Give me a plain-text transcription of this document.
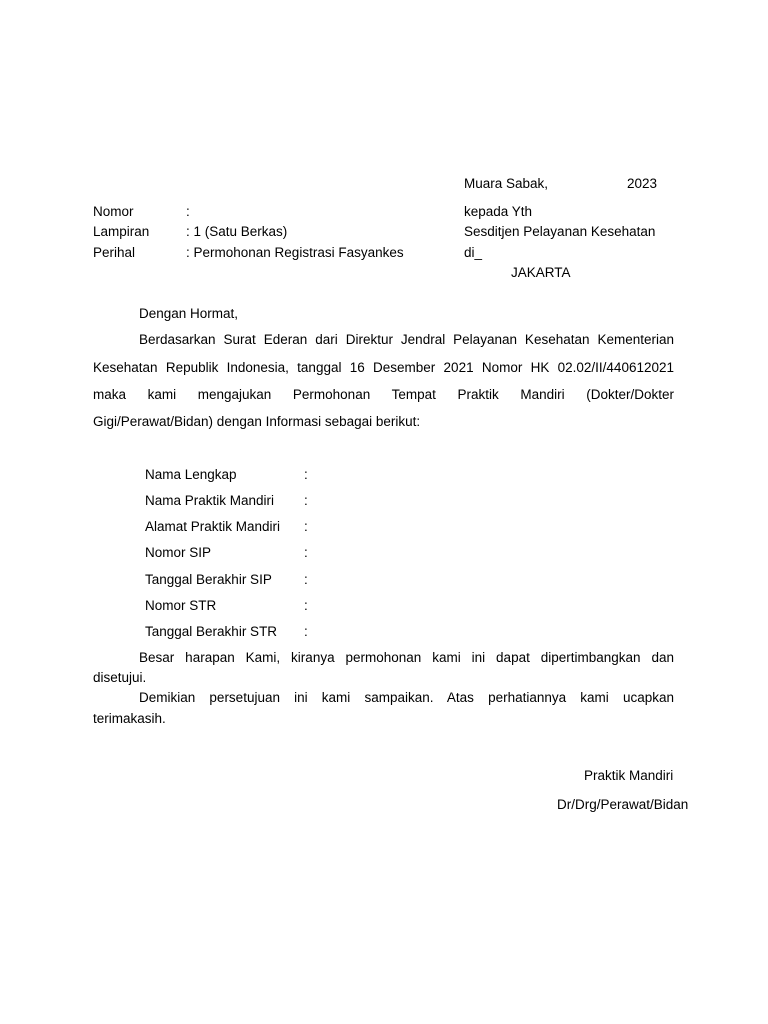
Muara Sabak,	2023
Nomor	:
Lampiran	: 1 (Satu Berkas)
Perihal	: Permohonan Registrasi Fasyankes
kepada Yth
Sesditjen Pelayanan Kesehatan
di_
JAKARTA
Dengan Hormat,
Berdasarkan Surat Ederan dari Direktur Jendral Pelayanan Kesehatan Kementerian
Kesehatan Republik Indonesia, tanggal 16 Desember 2021 Nomor HK 02.02/II/440612021
maka kami mengajukan Permohonan Tempat Praktik Mandiri (Dokter/Dokter
Gigi/Perawat/Bidan) dengan Informasi sebagai berikut:
Nama Lengkap	:
Nama Praktik Mandiri :
Alamat Praktik Mandiri :
Nomor SIP	:
Tanggal Berakhir SIP :
Nomor STR	:
Tanggal Berakhir STR :
Besar harapan Kami, kiranya permohonan kami ini dapat dipertimbangkan dan
disetujui.
Demikian persetujuan ini kami sampaikan. Atas perhatiannya kami ucapkan
terimakasih.
Praktik Mandiri
Dr/Drg/Perawat/Bidan
